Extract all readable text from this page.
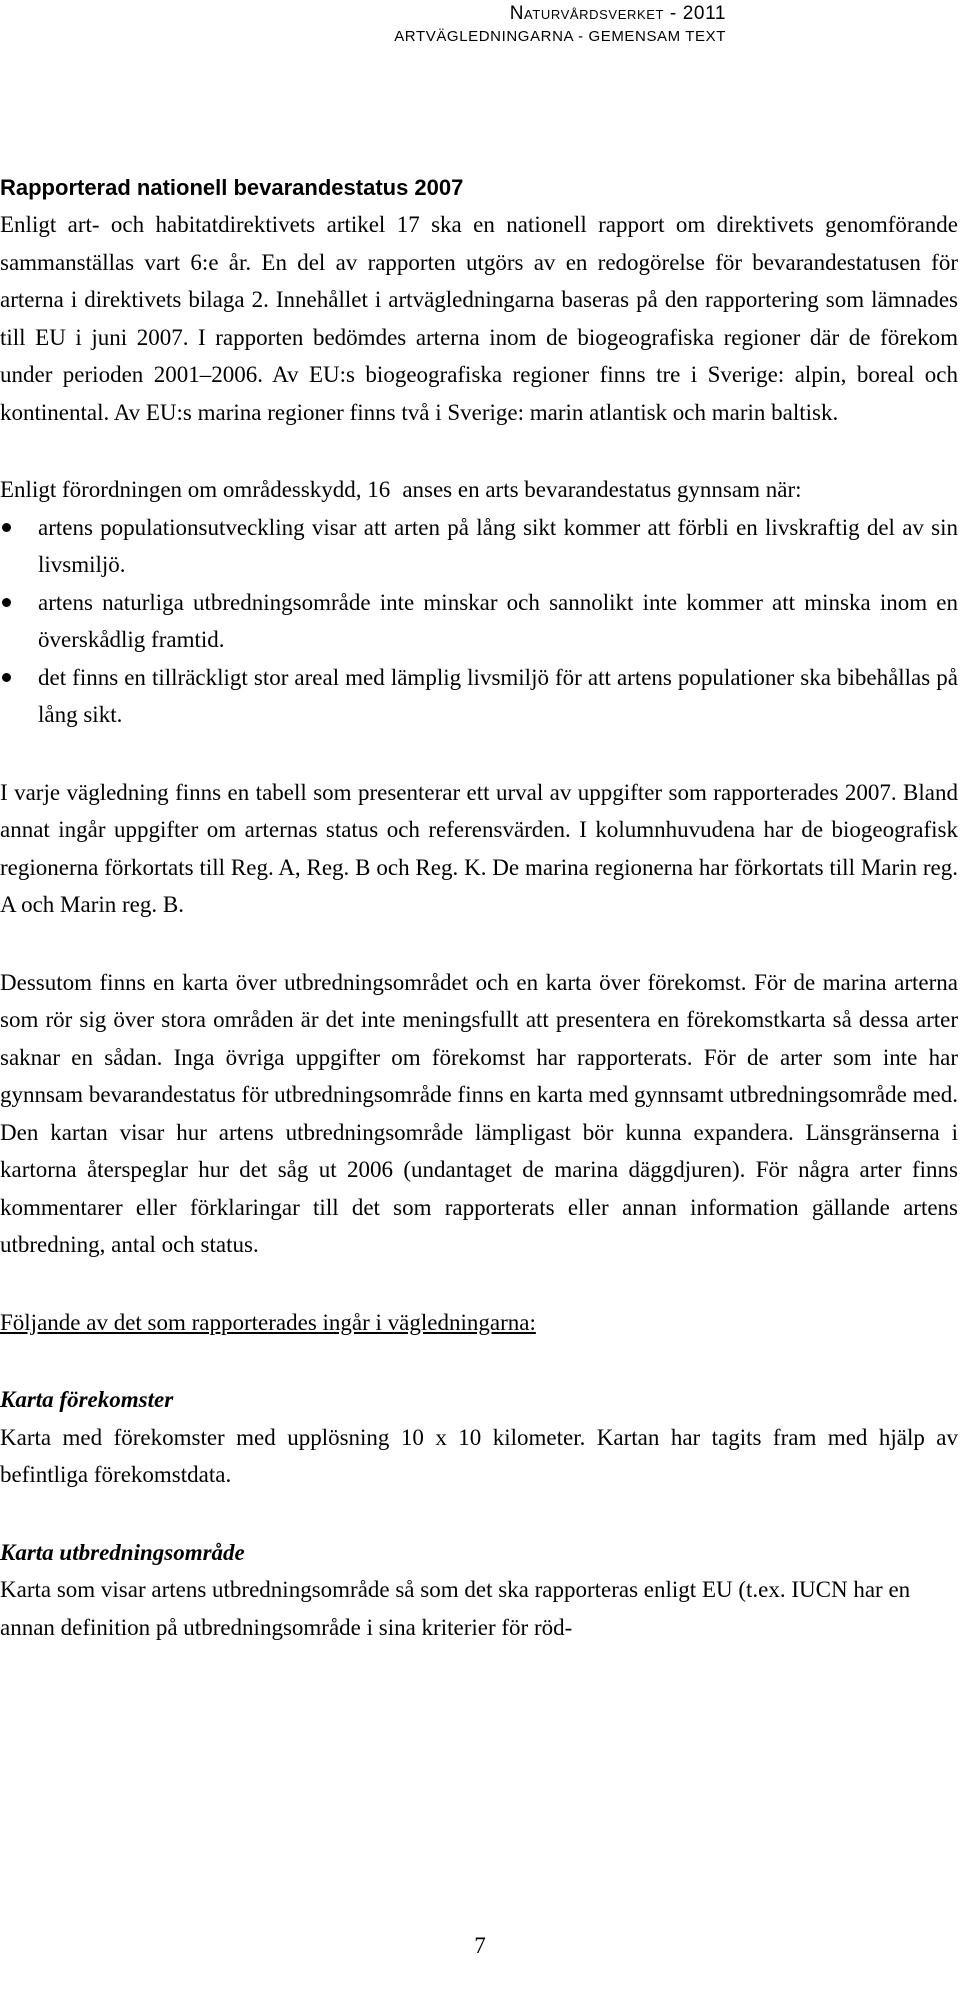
Naturvårdsverket - 2011
ARTVÄGLEDNINGARNA - GEMENSAM TEXT
Rapporterad nationell bevarandestatus 2007

Enligt art- och habitatdirektivets artikel 17 ska en nationell rapport om direktivets genomförande sammanställas vart 6:e år. En del av rapporten utgörs av en redogörelse för bevarandestatusen för arterna i direktivets bilaga 2. Innehållet i artvägledningarna baseras på den rapportering som lämnades till EU i juni 2007. I rapporten bedömdes arterna inom de biogeografiska regioner där de förekom under perioden 2001–2006. Av EU:s biogeografiska regioner finns tre i Sverige: alpin, boreal och kontinental. Av EU:s marina regioner finns två i Sverige: marin atlantisk och marin baltisk.

Enligt förordningen om områdesskydd, 16 anses en arts bevarandestatus gynnsam när:

artens populationsutveckling visar att arten på lång sikt kommer att förbli en livskraftig del av sin livsmiljö.
artens naturliga utbredningsområde inte minskar och sannolikt inte kommer att minska inom en överskådlig framtid.
det finns en tillräckligt stor areal med lämplig livsmiljö för att artens populationer ska bibehållas på lång sikt.

I varje vägledning finns en tabell som presenterar ett urval av uppgifter som rapporterades 2007. Bland annat ingår uppgifter om arternas status och referensvärden. I kolumnhuvudena har de biogeografisk regionerna förkortats till Reg. A, Reg. B och Reg. K. De marina regionerna har förkortats till Marin reg. A och Marin reg. B.

Dessutom finns en karta över utbredningsområdet och en karta över förekomst. För de marina arterna som rör sig över stora områden är det inte meningsfullt att presentera en förekomstkarta så dessa arter saknar en sådan. Inga övriga uppgifter om förekomst har rapporterats. För de arter som inte har gynnsam bevarandestatus för utbredningsområde finns en karta med gynnsamt utbredningsområde med. Den kartan visar hur artens utbredningsområde lämpligast bör kunna expandera. Länsgränserna i kartorna återspeglar hur det såg ut 2006 (undantaget de marina däggdjuren). För några arter finns kommentarer eller förklaringar till det som rapporterats eller annan information gällande artens utbredning, antal och status.

Följande av det som rapporterades ingår i vägledningarna:

Karta förekomster

Karta med förekomster med upplösning 10 x 10 kilometer. Kartan har tagits fram med hjälp av befintliga förekomstdata.

Karta utbredningsområde

Karta som visar artens utbredningsområde så som det ska rapporteras enligt EU (t.ex. IUCN har en annan definition på utbredningsområde i sina kriterier för röd-

7
